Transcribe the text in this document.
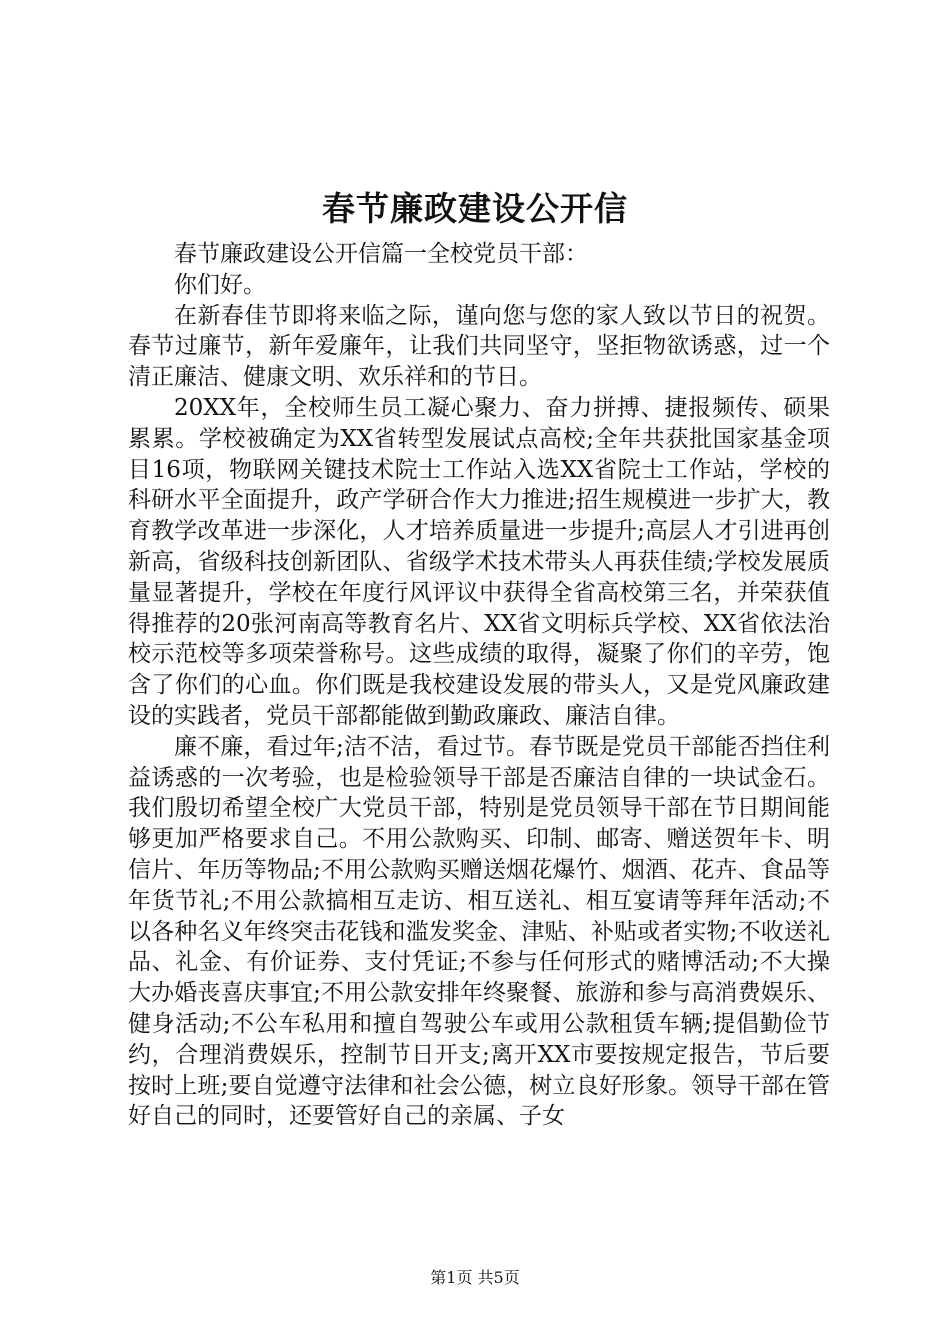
春节廉政建设公开信

春节廉政建设公开信篇一全校党员干部：

你们好。

在新春佳节即将来临之际，谨向您与您的家人致以节日的祝贺。春节过廉节，新年爱廉年，让我们共同坚守，坚拒物欲诱惑，过一个清正廉洁、健康文明、欢乐祥和的节日。

20XX年，全校师生员工凝心聚力、奋力拼搏、捷报频传、硕果累累。学校被确定为XX省转型发展试点高校;全年共获批国家基金项目16项，物联网关键技术院士工作站入选XX省院士工作站，学校的科研水平全面提升，政产学研合作大力推进;招生规模进一步扩大，教育教学改革进一步深化，人才培养质量进一步提升;高层人才引进再创新高，省级科技创新团队、省级学术技术带头人再获佳绩;学校发展质量显著提升，学校在年度行风评议中获得全省高校第三名，并荣获值得推荐的20张河南高等教育名片、XX省文明标兵学校、XX省依法治校示范校等多项荣誉称号。这些成绩的取得，凝聚了你们的辛劳，饱含了你们的心血。你们既是我校建设发展的带头人，又是党风廉政建设的实践者，党员干部都能做到勤政廉政、廉洁自律。

廉不廉，看过年;洁不洁，看过节。春节既是党员干部能否挡住利益诱惑的一次考验，也是检验领导干部是否廉洁自律的一块试金石。我们殷切希望全校广大党员干部，特别是党员领导干部在节日期间能够更加严格要求自己。不用公款购买、印制、邮寄、赠送贺年卡、明信片、年历等物品;不用公款购买赠送烟花爆竹、烟酒、花卉、食品等年货节礼;不用公款搞相互走访、相互送礼、相互宴请等拜年活动;不以各种名义年终突击花钱和滥发奖金、津贴、补贴或者实物;不收送礼品、礼金、有价证券、支付凭证;不参与任何形式的赌博活动;不大操大办婚丧喜庆事宜;不用公款安排年终聚餐、旅游和参与高消费娱乐、健身活动;不公车私用和擅自驾驶公车或用公款租赁车辆;提倡勤俭节约，合理消费娱乐，控制节日开支;离开XX市要按规定报告，节后要按时上班;要自觉遵守法律和社会公德，树立良好形象。领导干部在管好自己的同时，还要管好自己的亲属、子女

第1页 共5页
